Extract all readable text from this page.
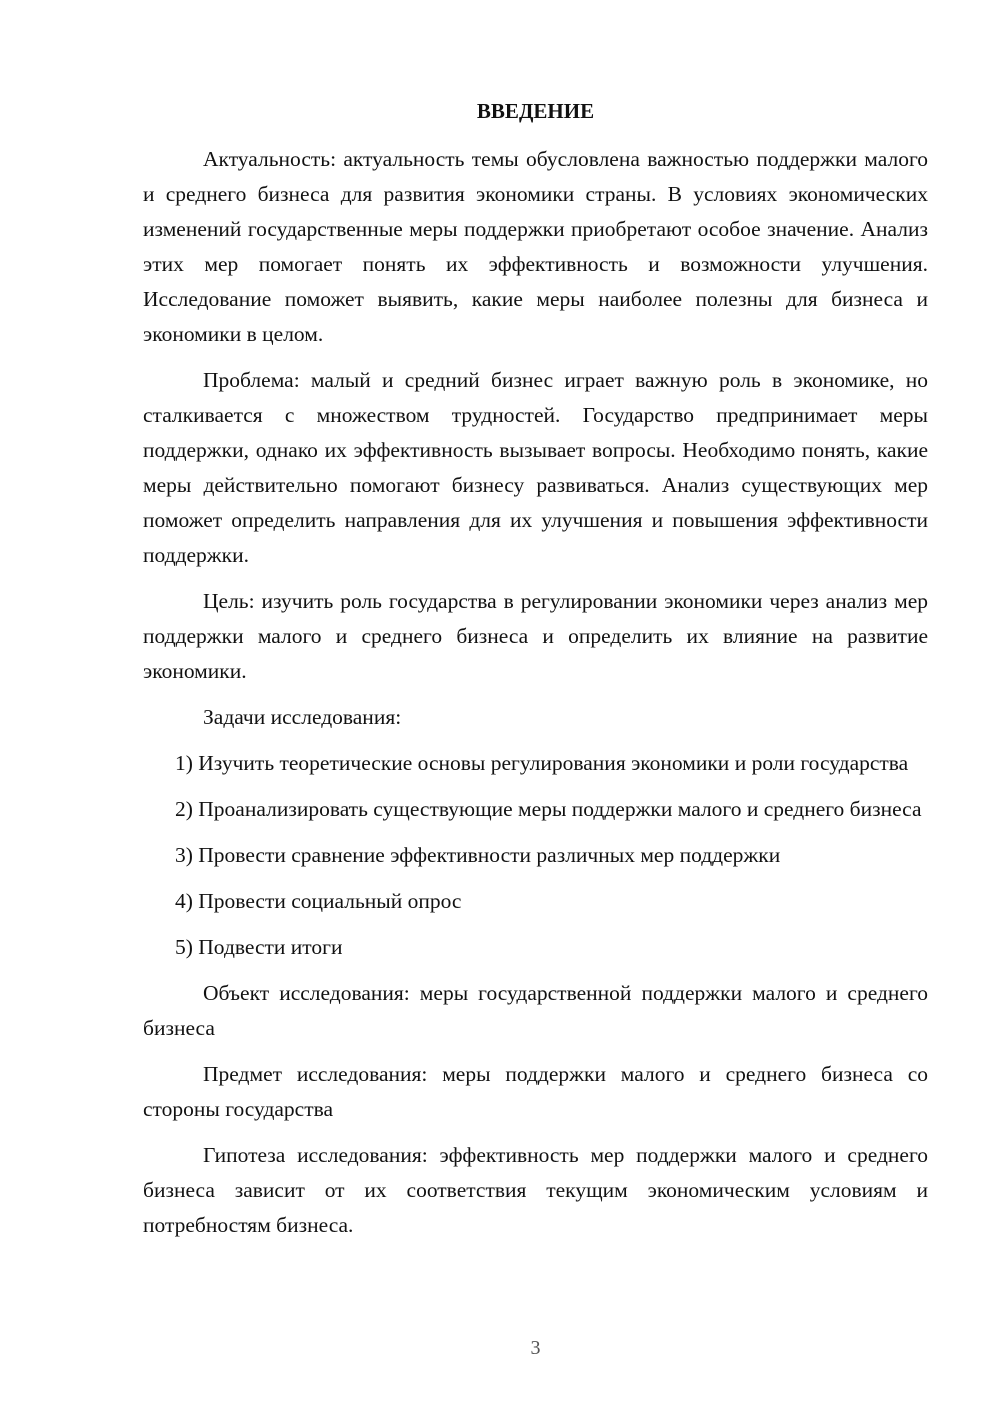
ВВЕДЕНИЕ

Актуальность: актуальность темы обусловлена важностью поддержки малого и среднего бизнеса для развития экономики страны. В условиях экономических изменений государственные меры поддержки приобретают особое значение. Анализ этих мер помогает понять их эффективность и возможности улучшения. Исследование поможет выявить, какие меры наиболее полезны для бизнеса и экономики в целом.

Проблема: малый и средний бизнес играет важную роль в экономике, но сталкивается с множеством трудностей. Государство предпринимает меры поддержки, однако их эффективность вызывает вопросы. Необходимо понять, какие меры действительно помогают бизнесу развиваться. Анализ существующих мер поможет определить направления для их улучшения и повышения эффективности поддержки.

Цель: изучить роль государства в регулировании экономики через анализ мер поддержки малого и среднего бизнеса и определить их влияние на развитие экономики.

Задачи исследования:

1) Изучить теоретические основы регулирования экономики и роли государства

2) Проанализировать существующие меры поддержки малого и среднего бизнеса

3) Провести сравнение эффективности различных мер поддержки

4) Провести социальный опрос

5) Подвести итоги

Объект исследования: меры государственной поддержки малого и среднего бизнеса

Предмет исследования: меры поддержки малого и среднего бизнеса со стороны государства

Гипотеза исследования: эффективность мер поддержки малого и среднего бизнеса зависит от их соответствия текущим экономическим условиям и потребностям бизнеса.

3
